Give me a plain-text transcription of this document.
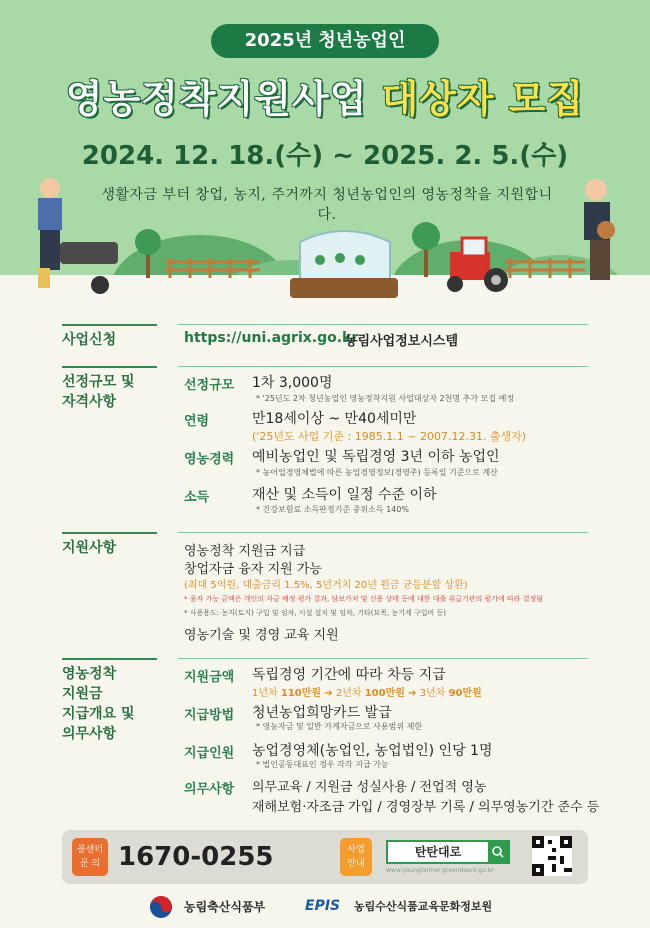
2025년 청년농업인
영농정착지원사업 대상자 모집
2024. 12. 18.(수) ~ 2025. 2. 5.(수)
생활자금 부터 창업, 농지, 주거까지 청년농업인의 영농정착을 지원합니다.
사업신청	https://uni.agrix.go.kr
농림사업정보시스템
선정규모 및
자격사항
선정규모 1차 3,000명
* '25년도 2차 청년농업인 영농정착지원 사업대상자 2천명 추가 모집 예정
연령	만18세이상 ~ 만40세미만
('25년도 사업 기준 : 1985.1.1 ~ 2007.12.31. 출생자)
영농경력 예비농업인 및 독립경영 3년 이하 농업인
* 농어업경영체법에 따른 농업경영정보(경영주) 등록일 기준으로 계산
소득	재산 및 소득이 일정 수준 이하
* 건강보험료 소득판정기준 중위소득 140%
지원사항	영농정착 지원금 지급
창업자금 융자 지원 가능
(최대 5억원, 대출금리 1.5%, 5년거치 20년 원금 균등분할 상환)
* 융자 가능 금액은 개인의 자금 배정 평가 결과, 담보가치 및 신용 상태 등에 대한 대출 취급기관의 평가에 따라 결정됨
* 사용용도: 농지(토지) 구입 및 임차, 시설 설치 및 임차, 기타(묘목, 농기계 구입비 등)
영농기술 및 경영 교육 지원
영농정착
지원금
지급개요 및
의무사항
지원금액 독립경영 기간에 따라 차등 지급
1년차 110만원 ➔ 2년차 100만원 ➔ 3년차 90만원
지급방법 청년농업희망카드 발급
* 영농자금 및 일반 가계자금으로 사용범위 제한
지급인원 농업경영체(농업인, 농업법인) 인당 1명
* 법인공동대표인 경우 각각 지급 가능
의무사항 의무교육 / 지원금 성실사용 / 전업적 영농
재해보험·자조금 가입 / 경영장부 기록 / 의무영농기간 준수 등
콜센터
문 의 1670-0255	사업
안내
탄탄대로
www.youngfarmer.greendaero.go.kr
농림축산식품부	EPIS 농림수산식품교육문화정보원
